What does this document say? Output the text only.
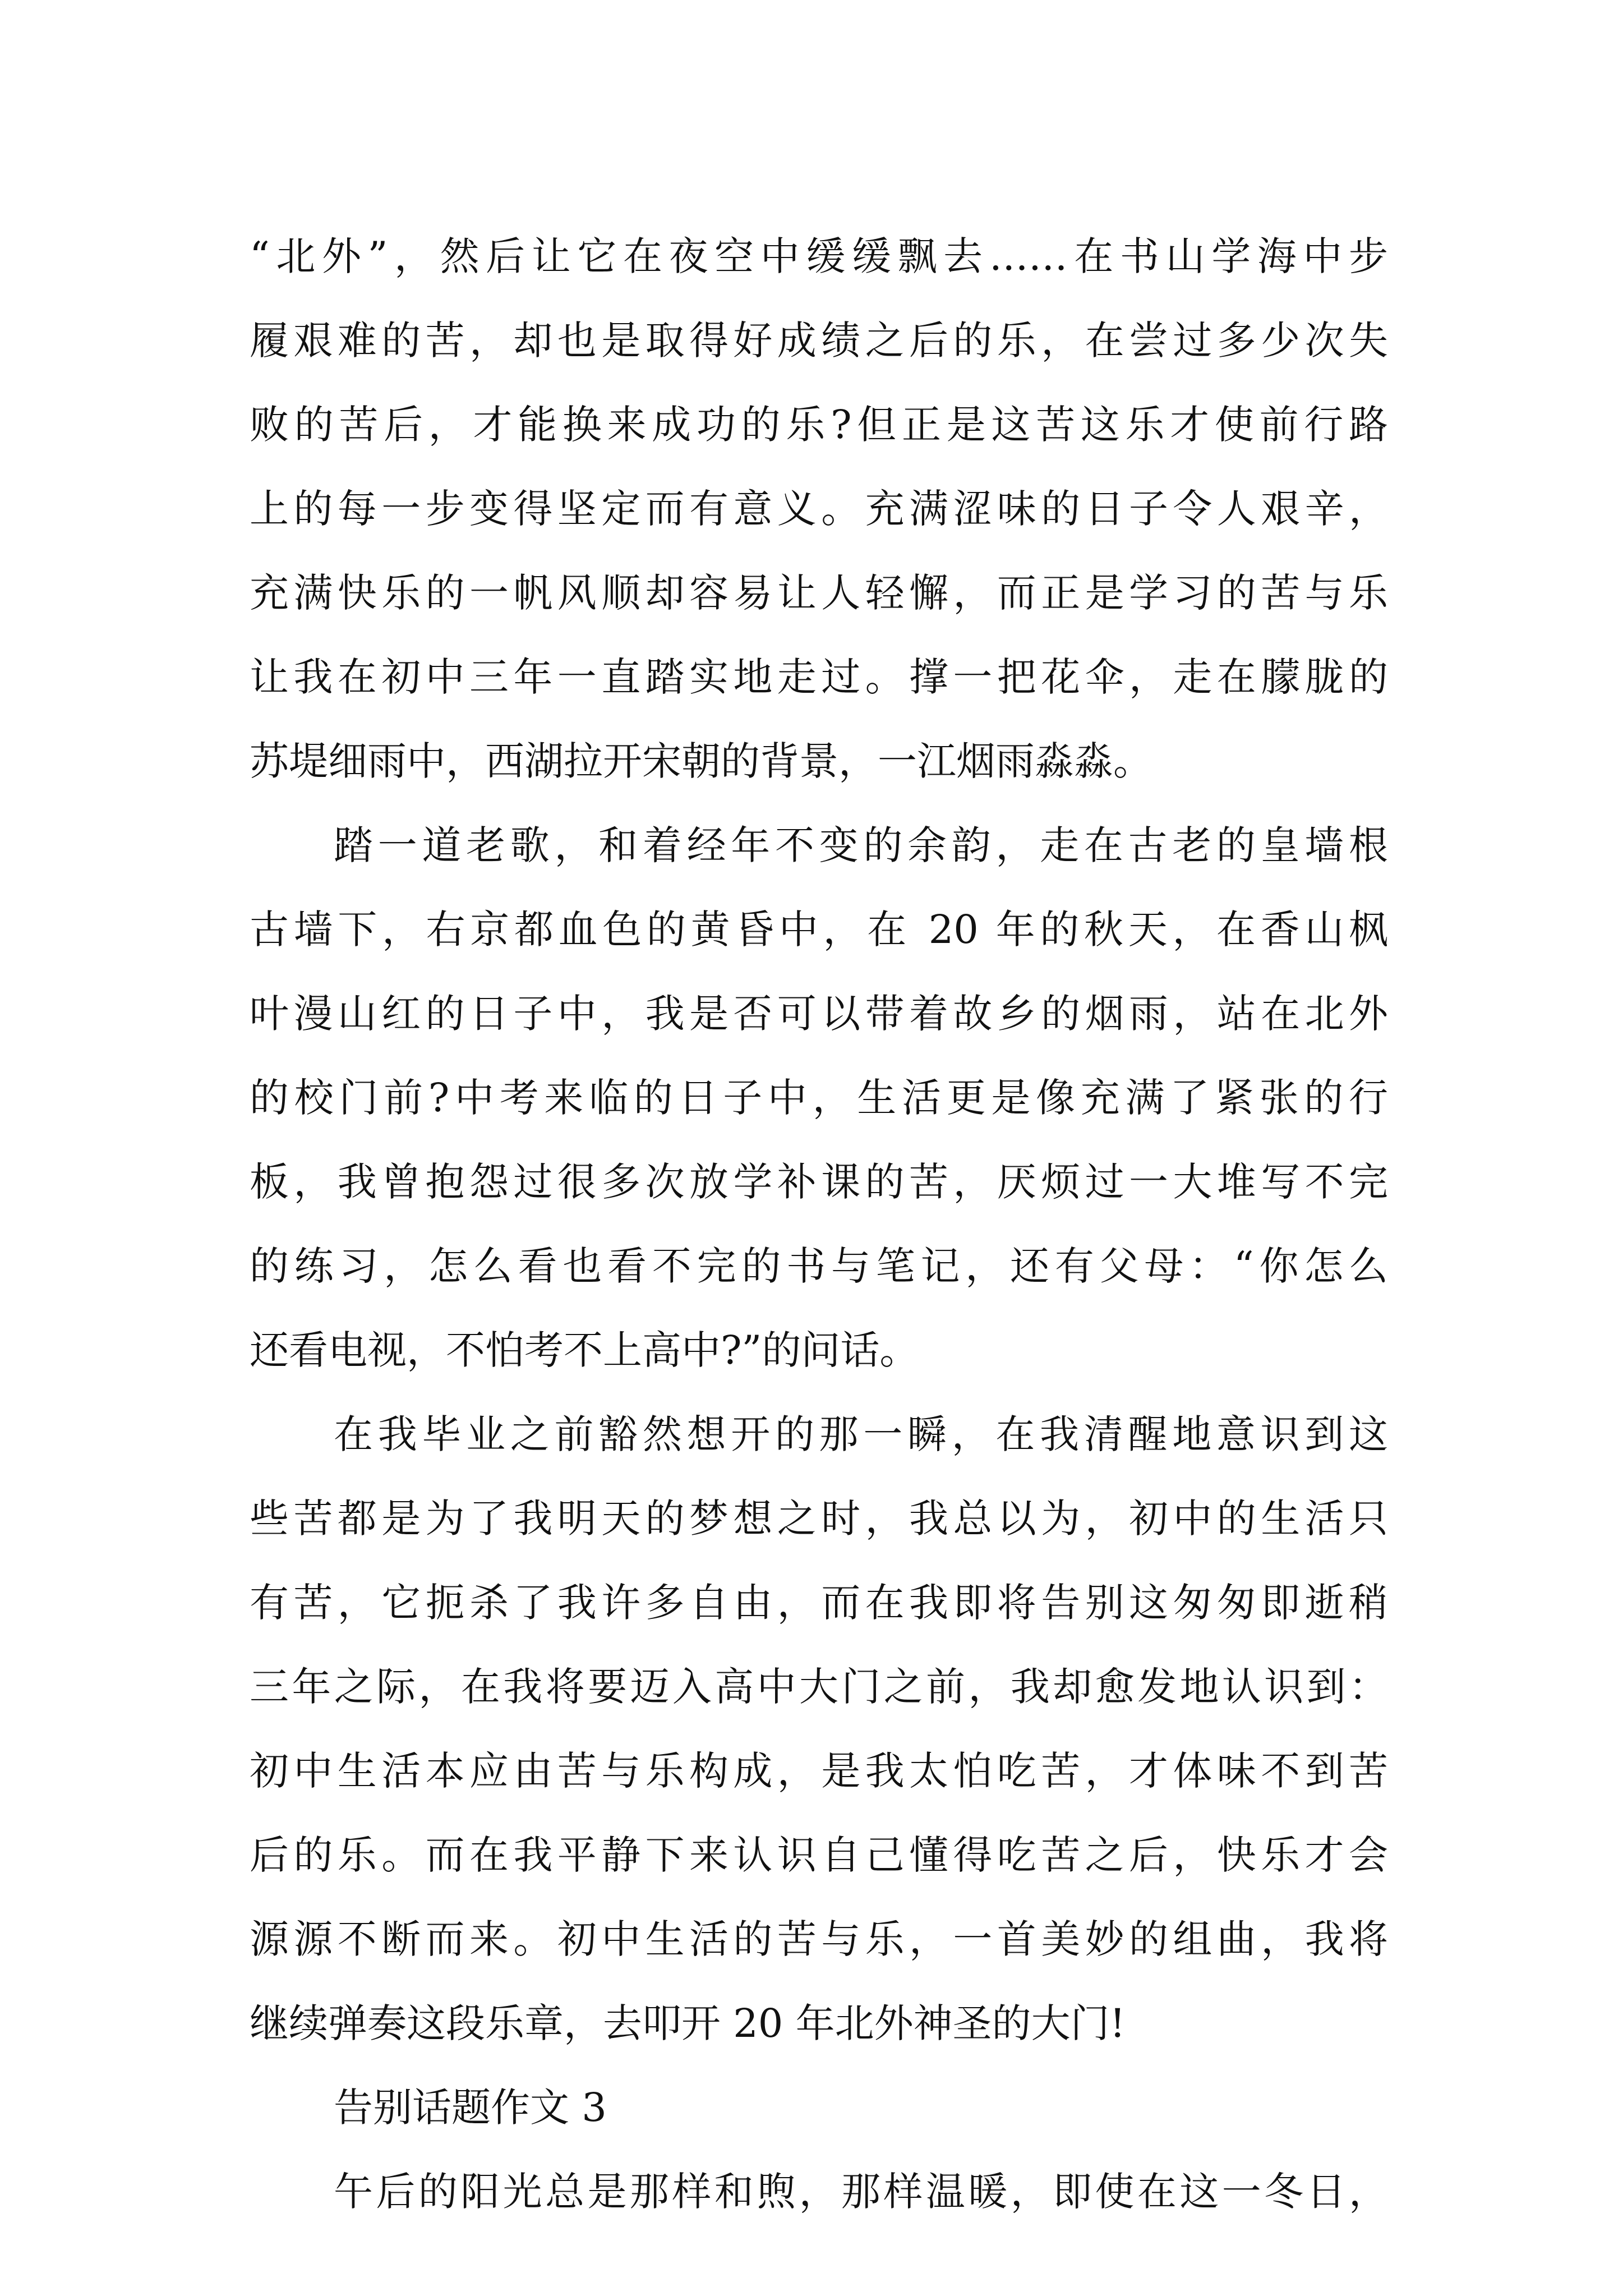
“北外”，然后让它在夜空中缓缓飘去……在书山学海中步
履艰难的苦，却也是取得好成绩之后的乐，在尝过多少次失
败的苦后，才能换来成功的乐?但正是这苦这乐才使前行路
上的每一步变得坚定而有意义。充满涩味的日子令人艰辛，
充满快乐的一帆风顺却容易让人轻懈，而正是学习的苦与乐
让我在初中三年一直踏实地走过。撑一把花伞，走在朦胧的
苏堤细雨中，西湖拉开宋朝的背景，一江烟雨淼淼。
踏一道老歌，和着经年不变的余韵，走在古老的皇墙根
古墙下，右京都血色的黄昏中，在 20 年的秋天，在香山枫
叶漫山红的日子中，我是否可以带着故乡的烟雨，站在北外
的校门前?中考来临的日子中，生活更是像充满了紧张的行
板，我曾抱怨过很多次放学补课的苦，厌烦过一大堆写不完
的练习，怎么看也看不完的书与笔记，还有父母：“你怎么
还看电视，不怕考不上高中?”的问话。
在我毕业之前豁然想开的那一瞬，在我清醒地意识到这
些苦都是为了我明天的梦想之时，我总以为，初中的生活只
有苦，它扼杀了我许多自由，而在我即将告别这匆匆即逝稍
三年之际，在我将要迈入高中大门之前，我却愈发地认识到：
初中生活本应由苦与乐构成，是我太怕吃苦，才体味不到苦
后的乐。而在我平静下来认识自己懂得吃苦之后，快乐才会
源源不断而来。初中生活的苦与乐，一首美妙的组曲，我将
继续弹奏这段乐章，去叩开 20 年北外神圣的大门!
告别话题作文 3
午后的阳光总是那样和煦，那样温暖，即使在这一冬日，
